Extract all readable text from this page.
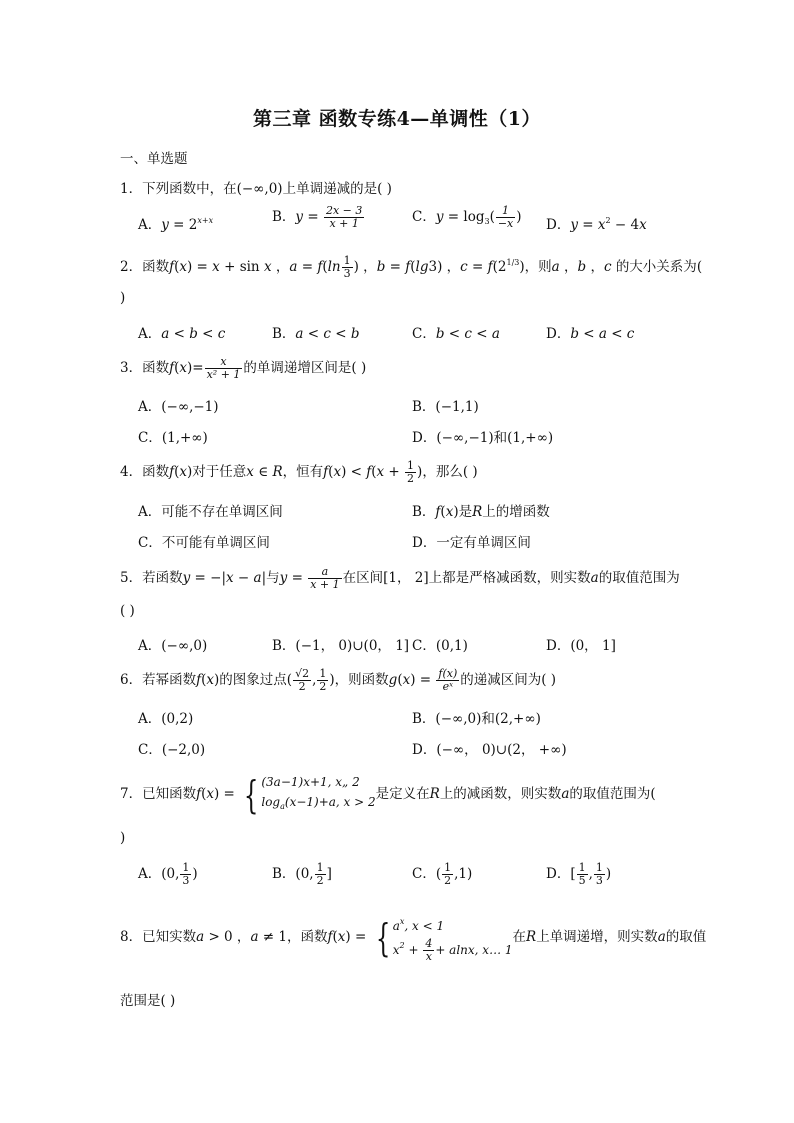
第三章 函数专练4—单调性（1）
一、单选题
1．下列函数中，在(−∞,0)上单调递减的是( )
A．$y = 2^{x+x}$	B．$y = \frac{2x - 3}{x + 1}$	C．$y = \log_3( \frac{1}{-x}$ ) D．$y = x^2 - 4x$
2．函数f(x) = x + sin x ，$a = f(\ln \frac{1}{3}$ ) ，b = f(lg3) ，$c = f(2^{1/3})$，则a ，b ，c 的大小关系为(
)
A．a < b < c	B．a < c < b	C．b < c < a	D．b < a < c
3．函数$f(x)= \frac{x}{\text{x² + 1}}$ 的单调递增区间是( )
A．(−∞,−1)	B．(−1,1)
C．(1,+∞)	D．(−∞,−1)和(1,+∞)
4．函数f(x)对于任意x ∈ R，恒有$f(x) < f(x + \frac{1}{2}$ )，那么( )
A．可能不存在单调区间	B．f(x)是R上的增函数
C．不可能有单调区间	D．一定有单调区间
5．若函数y = −|x − a|与$y = \frac{a}{x + 1}$ 在区间[1， 2]上都是严格减函数，则实数a的取值范围为
( )
A．(−∞,0)	B．(−1， 0)∪(0， 1] C．(0,1)	D．(0， 1]
6．若幂函数f(x)的图象过点( $\frac{√2}{2}$ , $\frac{1}{2}$ )，则函数$g(x) = \frac{f(x)}{\text{eˣ}}$ 的递减区间为( )
A．(0,2)	B．(−∞,0)和(2,+∞)
C．(−2,0)	D．(−∞， 0)∪(2， +∞)
7．已知函数f(x) = { (3a−1)x+1, x„ 2
$\log_a(x-1)+a$, x > 2是定义在R上的减函数，则实数a的取值范围为(
)
A．(0, $\frac{1}{3}$ )	B．(0, $\frac{1}{2}$ ]	C．( $\frac{1}{2} ,1$)	D．[ $\frac{1}{5}$ , $\frac{1}{3}$ )
8．已知实数a > 0 ，a ≠ 1，函数f(x) = { $a^x$, x < 1
$x^2 + \frac{4}{x} + alnx$, x… 1在R上单调递增，则实数a的取值
范围是( )
